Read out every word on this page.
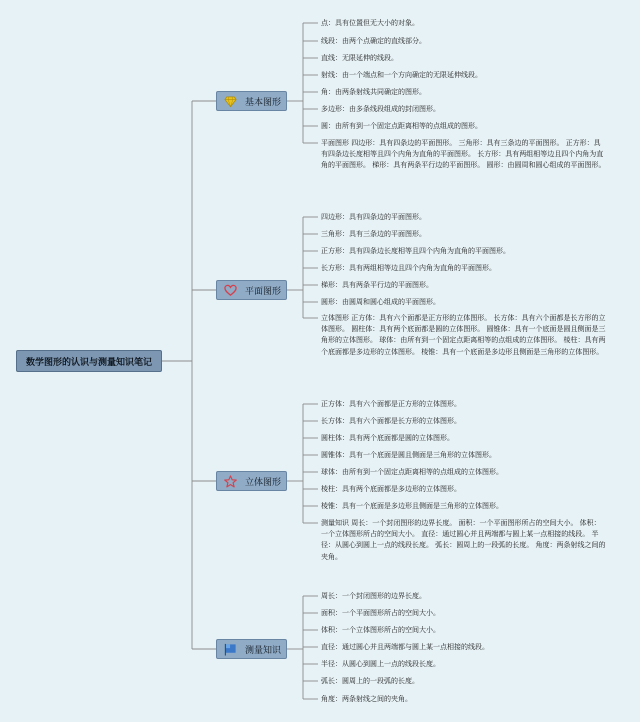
数学图形的认识与测量知识笔记
基本图形
点：具有位置但无大小的对象。
线段：由两个点确定的直线部分。
直线：无限延伸的线段。
射线：由一个端点和一个方向确定的无限延伸线段。
角：由两条射线共同确定的图形。
多边形：由多条线段组成的封闭图形。
圆：由所有到一个固定点距离相等的点组成的图形。
平面图形 四边形：具有四条边的平面图形。 三角形：具有三条边的平面图形。 正方形：具有四条边长度相等且四个内角为直角的平面图形。 长方形：具有两组相等边且四个内角为直角的平面图形。 梯形：具有两条平行边的平面图形。 圆形：由圆周和圆心组成的平面图形。
平面图形
四边形：具有四条边的平面图形。
三角形：具有三条边的平面图形。
正方形：具有四条边长度相等且四个内角为直角的平面图形。
长方形：具有两组相等边且四个内角为直角的平面图形。
梯形：具有两条平行边的平面图形。
圆形：由圆周和圆心组成的平面图形。
立体图形 正方体：具有六个面都是正方形的立体图形。 长方体：具有六个面都是长方形的立体图形。 圆柱体：具有两个底面都是圆的立体图形。 圆锥体：具有一个底面是圆且侧面是三角形的立体图形。 球体：由所有到一个固定点距离相等的点组成的立体图形。 棱柱：具有两个底面都是多边形的立体图形。 棱锥：具有一个底面是多边形且侧面是三角形的立体图形。
立体图形
正方体：具有六个面都是正方形的立体图形。
长方体：具有六个面都是长方形的立体图形。
圆柱体：具有两个底面都是圆的立体图形。
圆锥体：具有一个底面是圆且侧面是三角形的立体图形。
球体：由所有到一个固定点距离相等的点组成的立体图形。
棱柱：具有两个底面都是多边形的立体图形。
棱锥：具有一个底面是多边形且侧面是三角形的立体图形。
测量知识 周长：一个封闭图形的边界长度。 面积：一个平面图形所占的空间大小。 体积：一个立体图形所占的空间大小。 直径：通过圆心并且两端都与圆上某一点相接的线段。 半径：从圆心到圆上一点的线段长度。 弧长：圆周上的一段弧的长度。 角度：两条射线之间的夹角。
测量知识
周长：一个封闭图形的边界长度。
面积：一个平面图形所占的空间大小。
体积：一个立体图形所占的空间大小。
直径：通过圆心并且两端都与圆上某一点相接的线段。
半径：从圆心到圆上一点的线段长度。
弧长：圆周上的一段弧的长度。
角度：两条射线之间的夹角。
